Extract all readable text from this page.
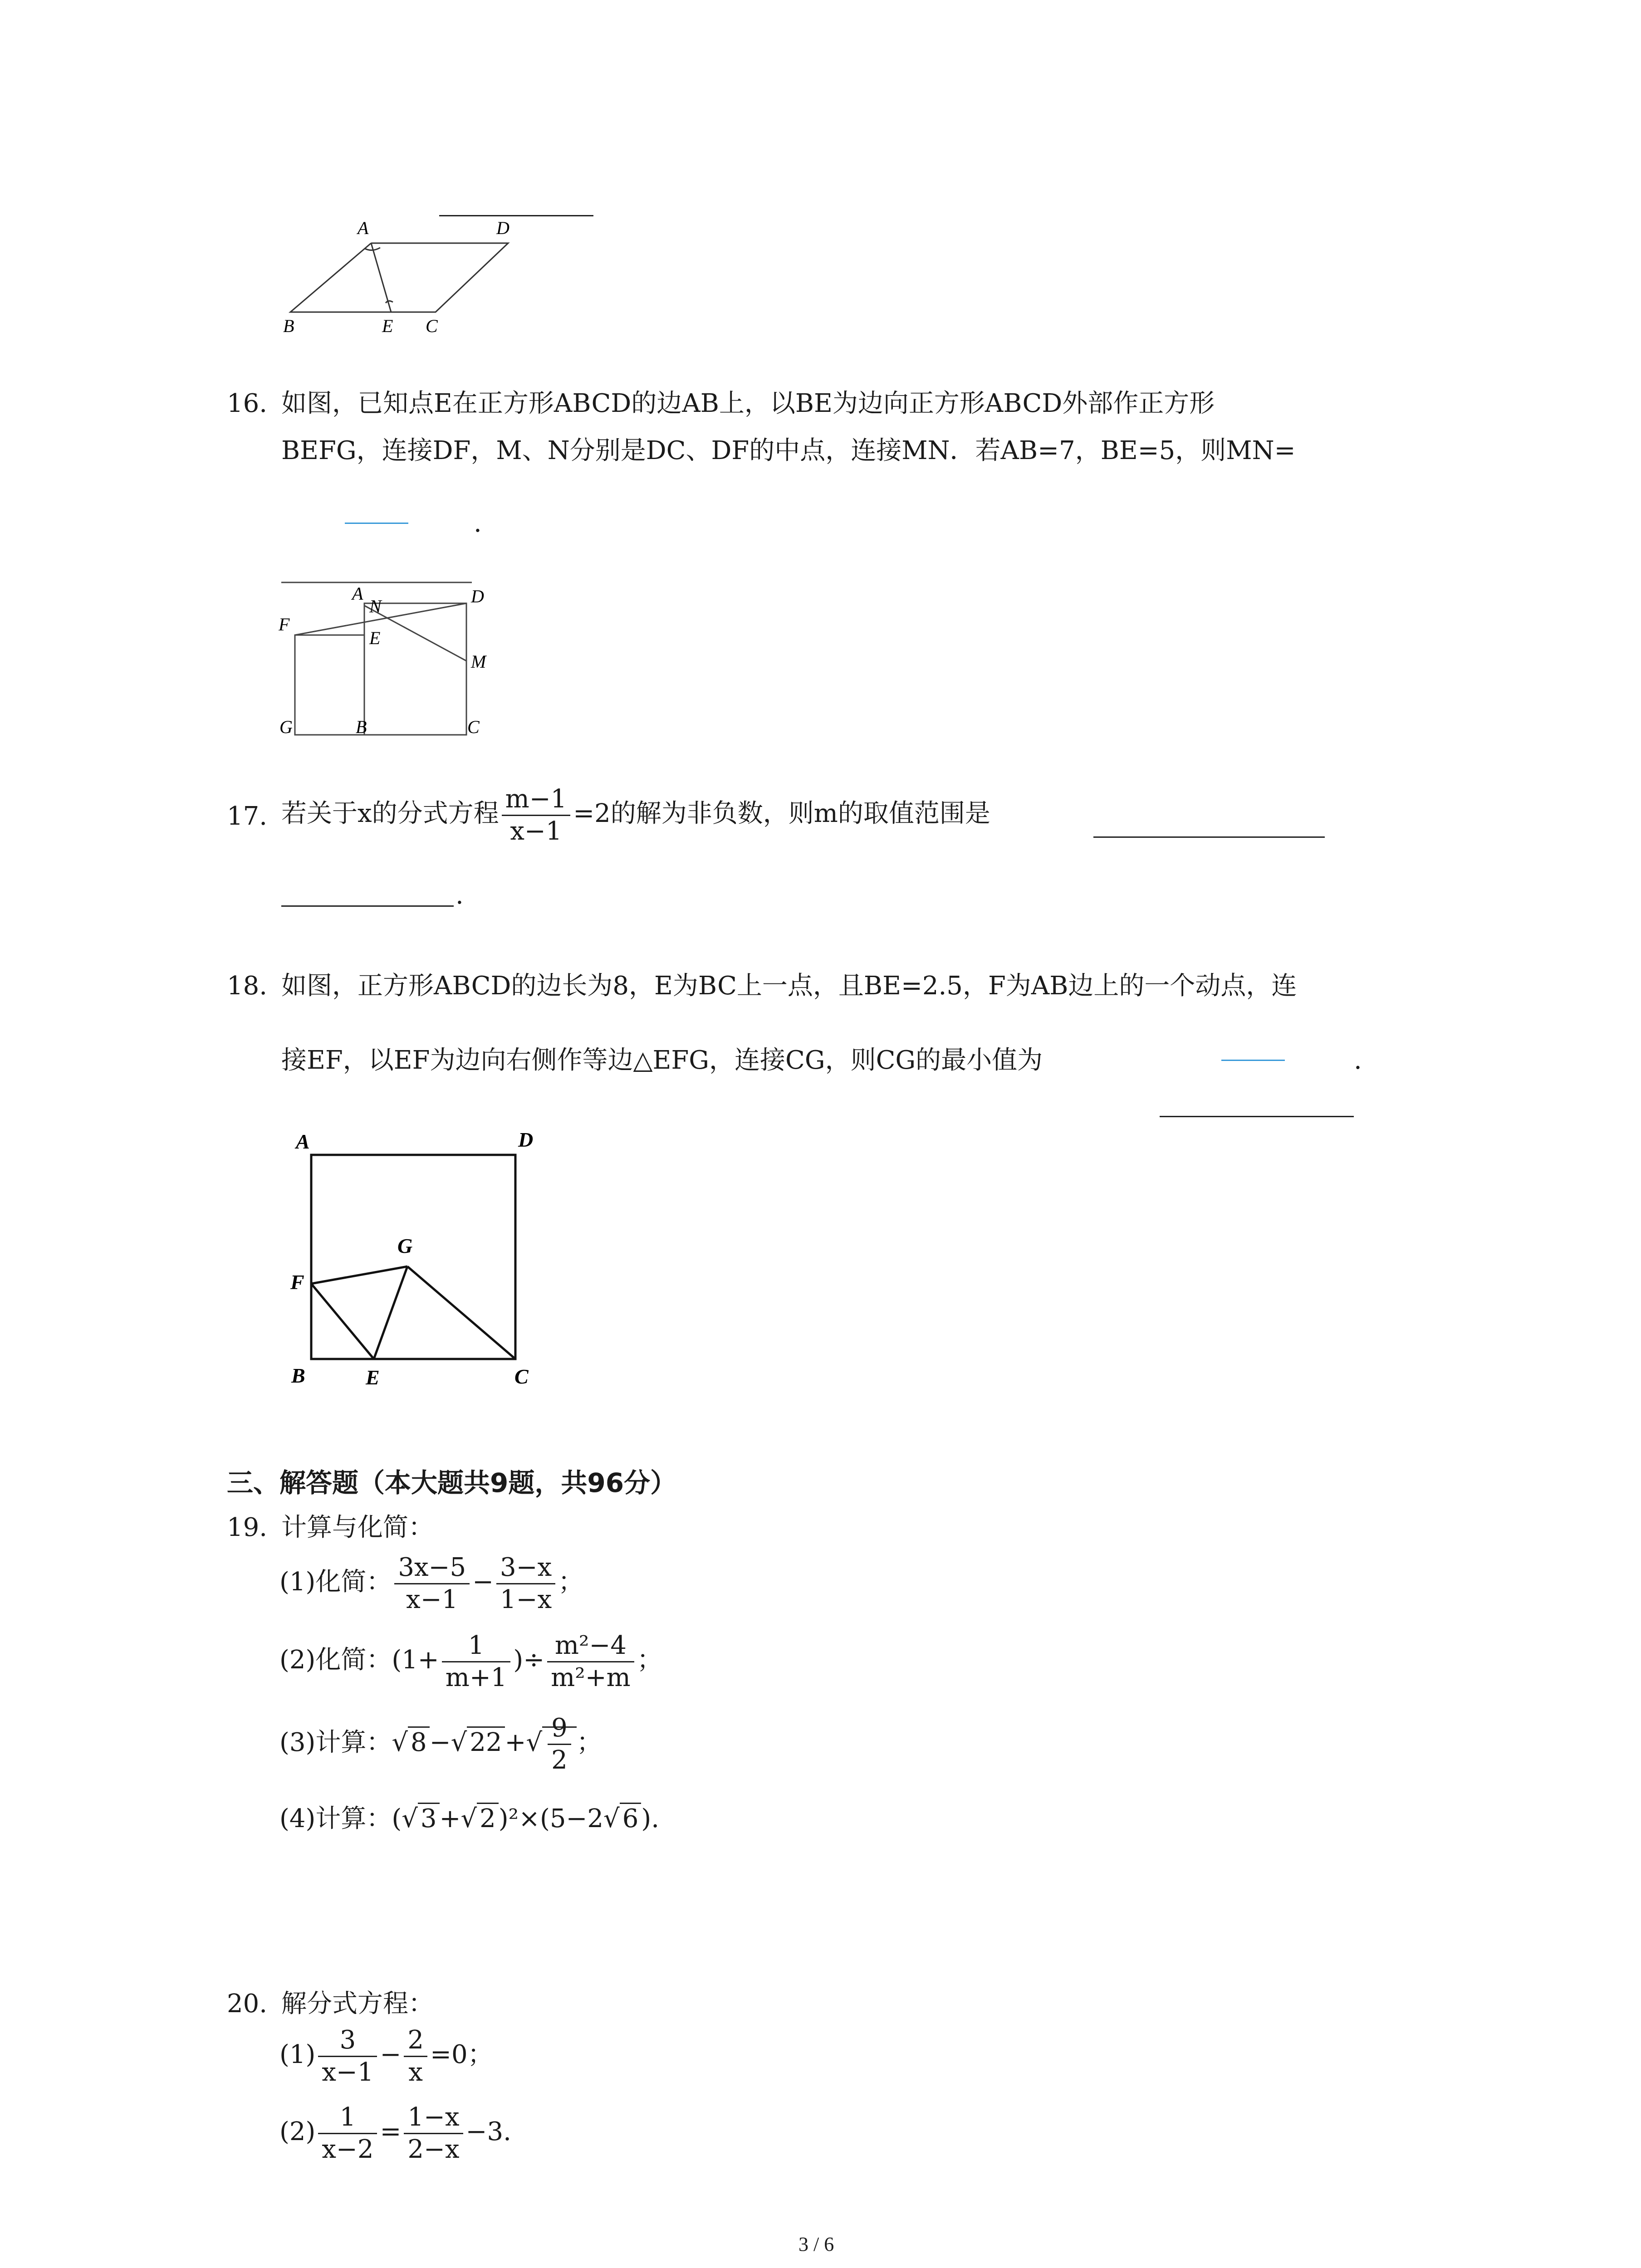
A	D
B	E C
16. 如图，已知点E在正方形ABCD的边AB上，以BE为边向正方形ABCD外部作正方形
BEFG，连接DF，M、N分别是DC、DF的中点，连接MN．若AB=7，BE=5，则MN=
.
A
N	D
F
E
M
G	B	C
17. 若关于x的分式方程 $\frac{m-1}{x-1} =2$的解为非负数，则m的取值范围是
.
18. 如图，正方形ABCD的边长为8，E为BC上一点，且BE=2.5，F为AB边上的一个动点，连
接EF，以EF为边向右侧作等边△EFG，连接CG，则CG的最小值为	.
A	D
G
F
B	E	C
三、解答题（本大题共9题，共96分）
19. 计算与化简：
(1)化简： $\frac{3x-5}{x-1} - \frac{3-x}{1-x}$ ；
(2)化简：($1+ \frac{1}{m+1}$ )÷ $\frac{\text{m²−4}}{\text{m²+m}}$ ；
(3)计算：√ 8 −√ 22 +√ $\frac{9}{2}$ ；
(4)计算：(√ 3 +√ 2 )²×(5−2√ 6 ).
20. 解分式方程：
$(1) \frac{3}{x-1} - \frac{2}{x} =0$；
$(2) \frac{1}{x-2} = \frac{1-x}{2-x} -3$.
3 / 6
